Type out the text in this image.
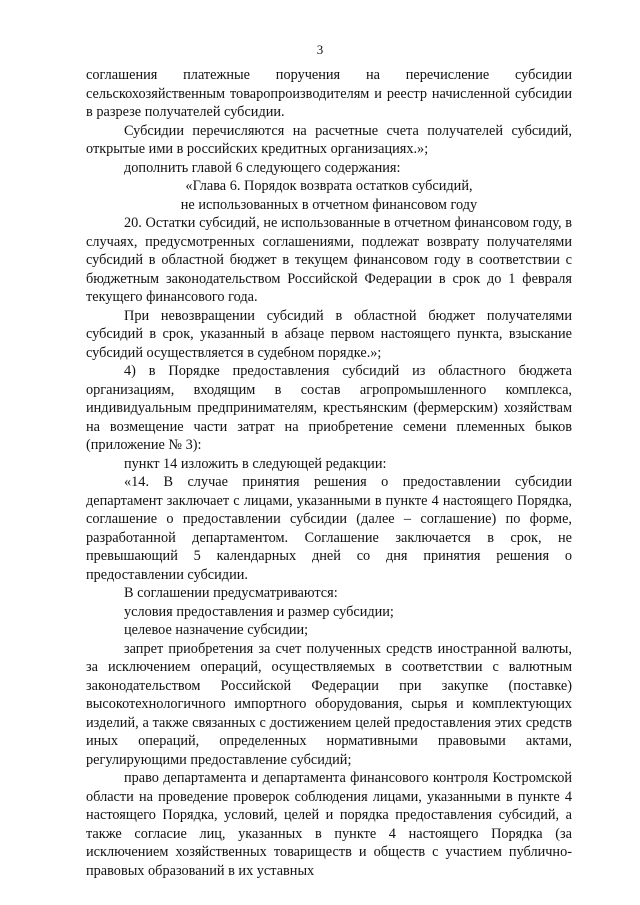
3

соглашения платежные поручения на перечисление субсидии сельскохозяйственным товаропроизводителям и реестр начисленной субсидии в разрезе получателей субсидии.

Субсидии перечисляются на расчетные счета получателей субсидий, открытые ими в российских кредитных организациях.»;

дополнить главой 6 следующего содержания:

«Глава 6. Порядок возврата остатков субсидий,

не использованных в отчетном финансовом году

20. Остатки субсидий, не использованные в отчетном финансовом году, в случаях, предусмотренных соглашениями, подлежат возврату получателями субсидий в областной бюджет в текущем финансовом году в соответствии с бюджетным законодательством Российской Федерации в срок до 1 февраля текущего финансового года.

При невозвращении субсидий в областной бюджет получателями субсидий в срок, указанный в абзаце первом настоящего пункта, взыскание субсидий осуществляется в судебном порядке.»;

4) в Порядке предоставления субсидий из областного бюджета организациям, входящим в состав агропромышленного комплекса, индивидуальным предпринимателям, крестьянским (фермерским) хозяйствам на возмещение части затрат на приобретение семени племенных быков (приложение № 3):

пункт 14 изложить в следующей редакции:

«14. В случае принятия решения о предоставлении субсидии департамент заключает с лицами, указанными в пункте 4 настоящего Порядка, соглашение о предоставлении субсидии (далее – соглашение) по форме, разработанной департаментом. Соглашение заключается в срок, не превышающий 5 календарных дней со дня принятия решения о предоставлении субсидии.

В соглашении предусматриваются:

условия предоставления и размер субсидии;

целевое назначение субсидии;

запрет приобретения за счет полученных средств иностранной валюты, за исключением операций, осуществляемых в соответствии с валютным законодательством Российской Федерации при закупке (поставке) высокотехнологичного импортного оборудования, сырья и комплектующих изделий, а также связанных с достижением целей предоставления этих средств иных операций, определенных нормативными правовыми актами, регулирующими предоставление субсидий;

право департамента и департамента финансового контроля Костромской области на проведение проверок соблюдения лицами, указанными в пункте 4 настоящего Порядка, условий, целей и порядка предоставления субсидий, а также согласие лиц, указанных в пункте 4 настоящего Порядка (за исключением хозяйственных товариществ и обществ с участием публично-правовых образований в их уставных
